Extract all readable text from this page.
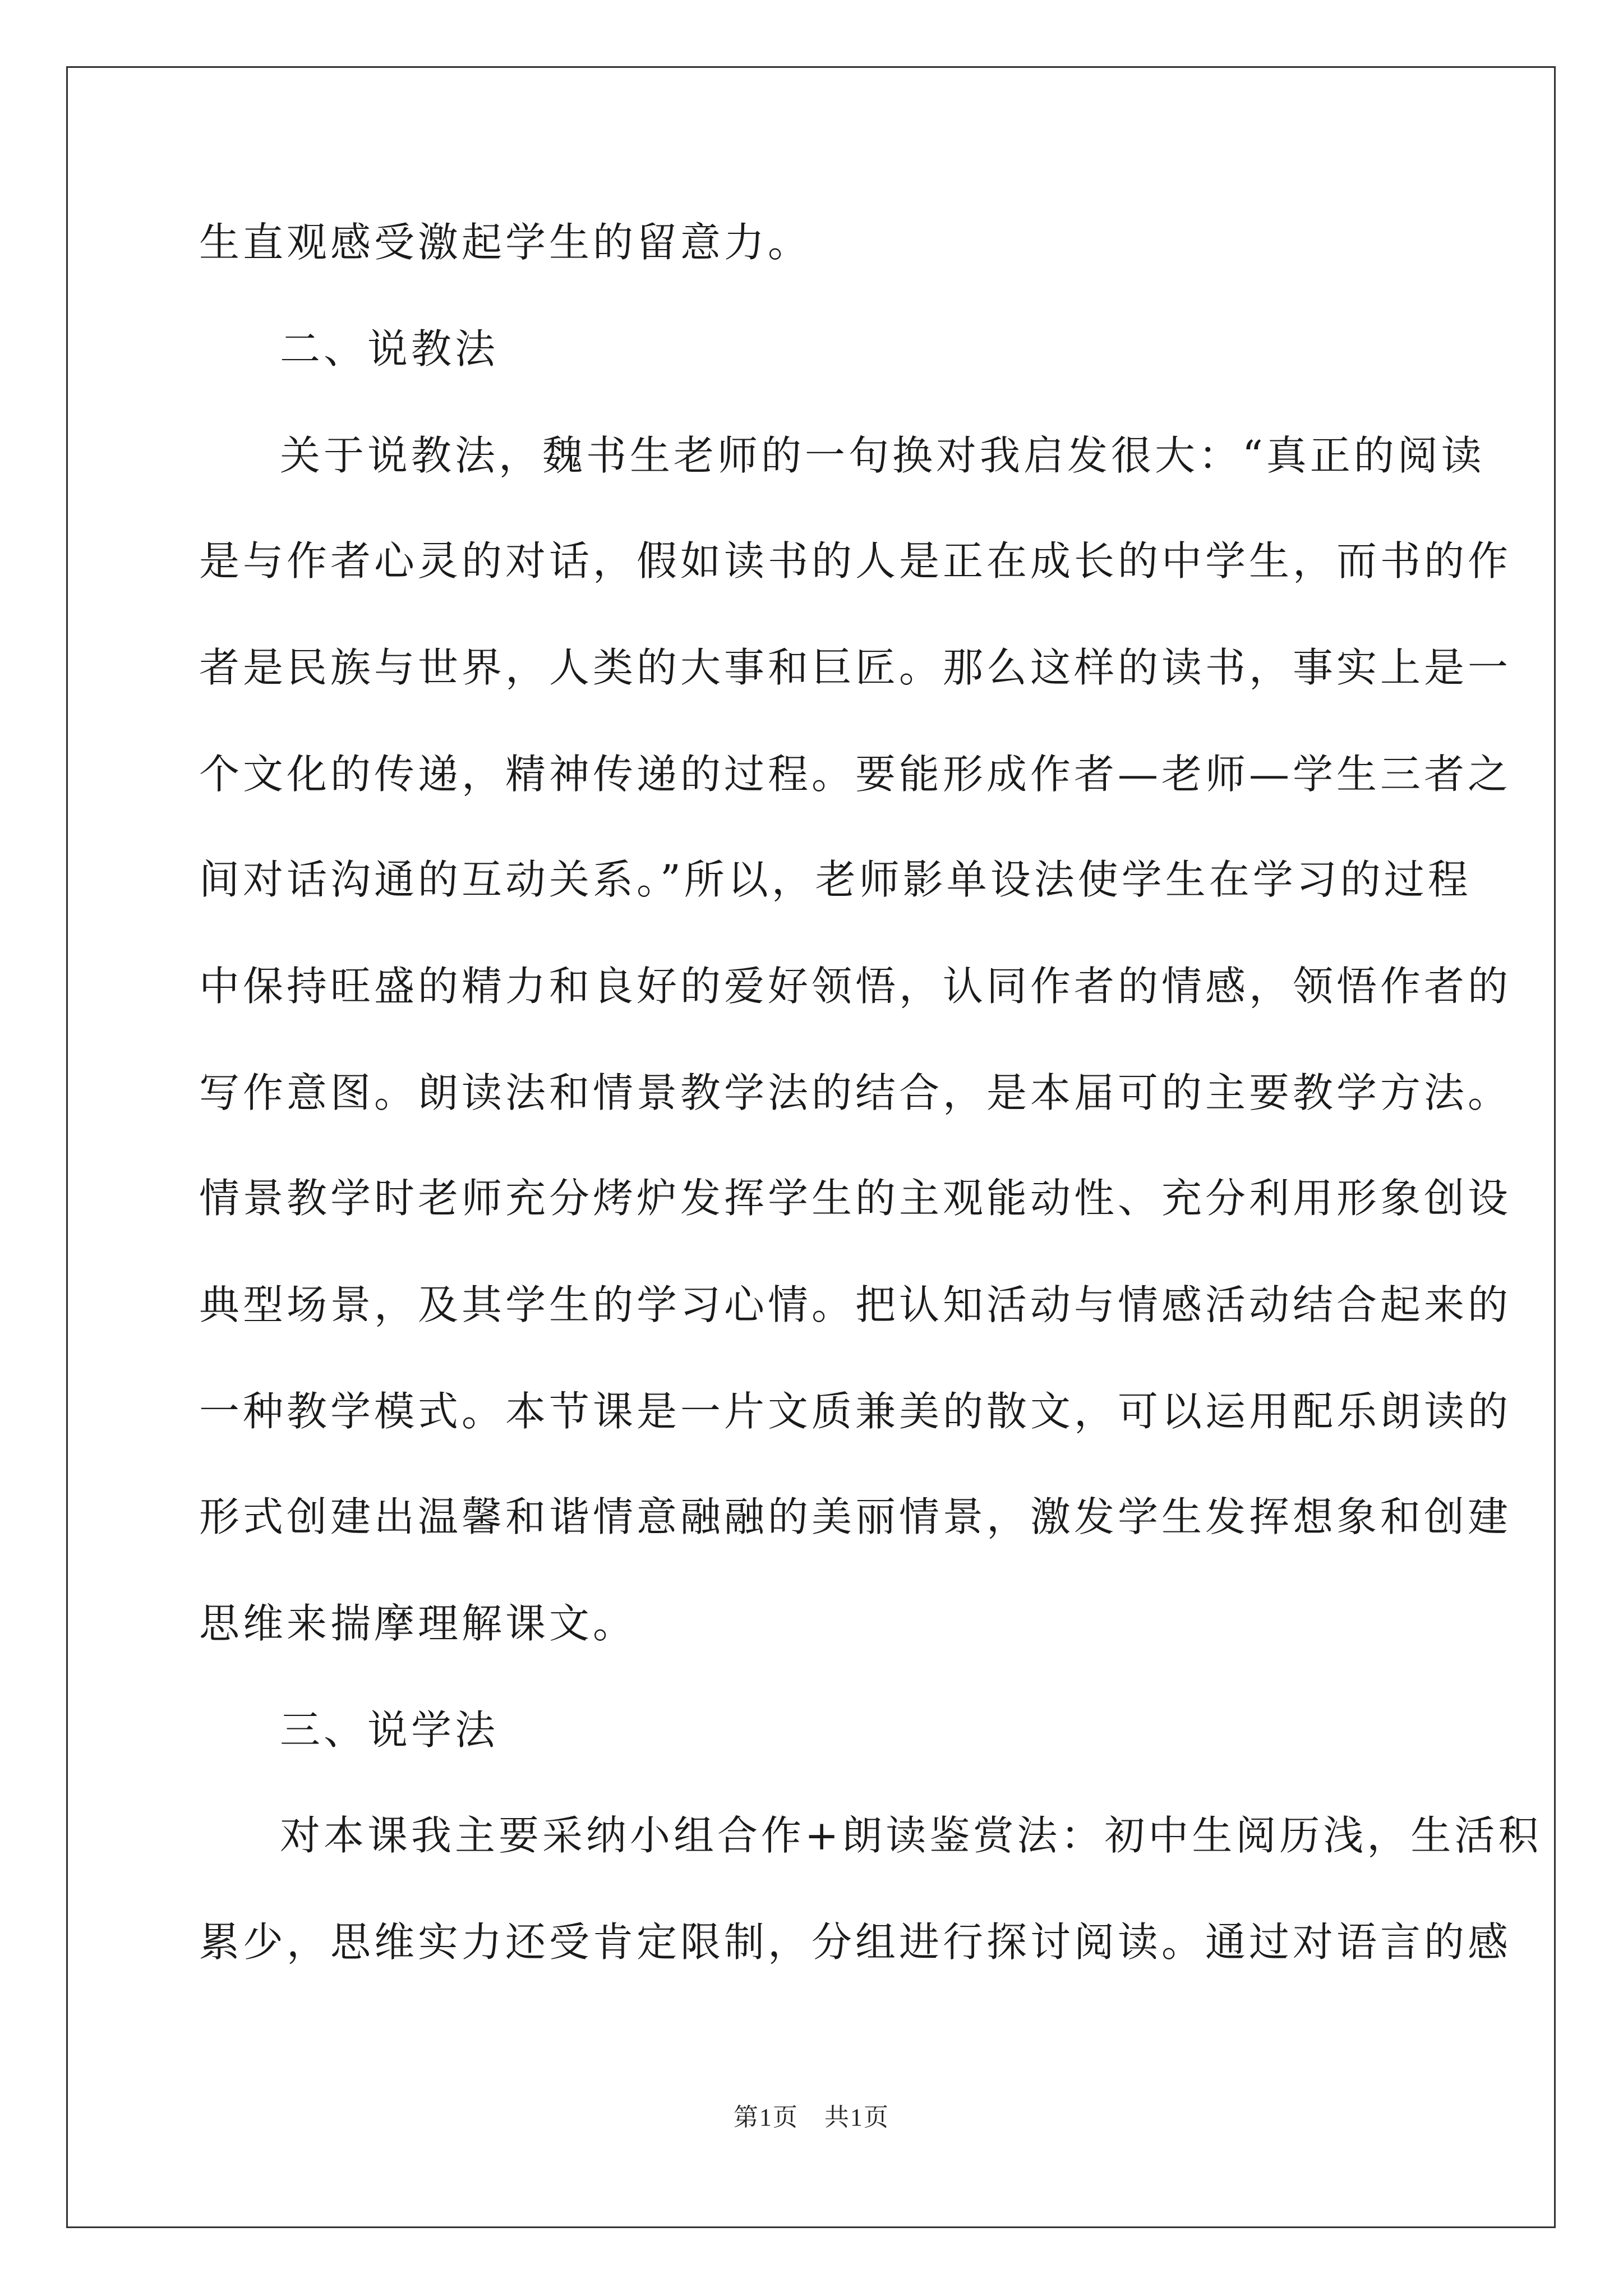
生直观感受激起学生的留意力。
二、说教法
关于说教法，魏书生老师的一句换对我启发很大：“真正的阅读
是与作者心灵的对话，假如读书的人是正在成长的中学生，而书的作
者是民族与世界，人类的大事和巨匠。那么这样的读书，事实上是一
个文化的传递，精神传递的过程。要能形成作者—老师—学生三者之
间对话沟通的互动关系。”所以，老师影单设法使学生在学习的过程
中保持旺盛的精力和良好的爱好领悟，认同作者的情感，领悟作者的
写作意图。朗读法和情景教学法的结合，是本届可的主要教学方法。
情景教学时老师充分烤炉发挥学生的主观能动性、充分利用形象创设
典型场景，及其学生的学习心情。把认知活动与情感活动结合起来的
一种教学模式。本节课是一片文质兼美的散文，可以运用配乐朗读的
形式创建出温馨和谐情意融融的美丽情景，激发学生发挥想象和创建
思维来揣摩理解课文。
三、说学法
对本课我主要采纳小组合作+朗读鉴赏法：初中生阅历浅，生活积
累少，思维实力还受肯定限制，分组进行探讨阅读。通过对语言的感
第1页　共1页
